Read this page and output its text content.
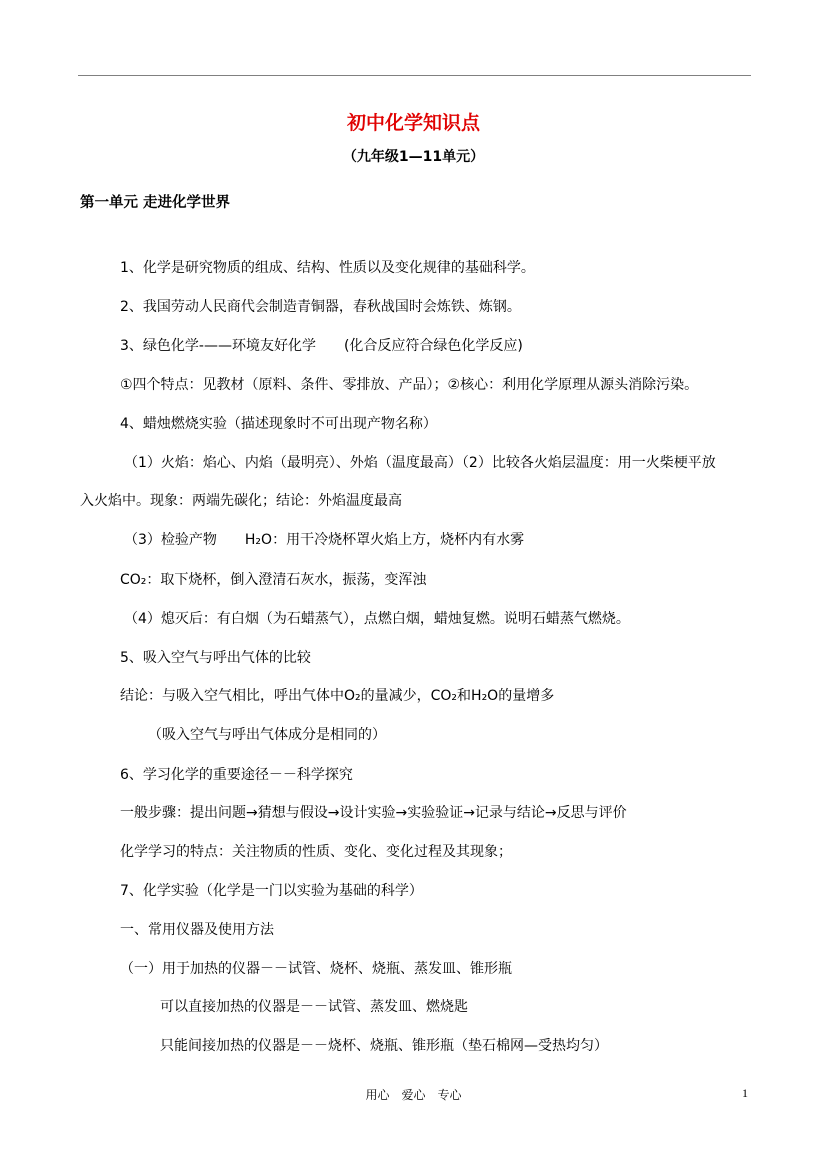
初中化学知识点
（九年级1—11单元）
第一单元 走进化学世界
1、化学是研究物质的组成、结构、性质以及变化规律的基础科学。
2、我国劳动人民商代会制造青铜器，春秋战国时会炼铁、炼钢。
3、绿色化学-——环境友好化学　　(化合反应符合绿色化学反应)
①四个特点：见教材（原料、条件、零排放、产品）；②核心：利用化学原理从源头消除污染。
4、蜡烛燃烧实验（描述现象时不可出现产物名称）
（1）火焰：焰心、内焰（最明亮）、外焰（温度最高）（2）比较各火焰层温度：用一火柴梗平放
入火焰中。现象：两端先碳化；结论：外焰温度最高
（3）检验产物　　H₂O：用干冷烧杯罩火焰上方，烧杯内有水雾
CO₂：取下烧杯，倒入澄清石灰水，振荡，变浑浊
（4）熄灭后：有白烟（为石蜡蒸气），点燃白烟，蜡烛复燃。说明石蜡蒸气燃烧。
5、吸入空气与呼出气体的比较
结论：与吸入空气相比，呼出气体中O₂的量减少，CO₂和H₂O的量增多
（吸入空气与呼出气体成分是相同的）
6、学习化学的重要途径－－科学探究
一般步骤：提出问题→猜想与假设→设计实验→实验验证→记录与结论→反思与评价
化学学习的特点：关注物质的性质、变化、变化过程及其现象；
7、化学实验（化学是一门以实验为基础的科学）
一、常用仪器及使用方法
（一）用于加热的仪器－－试管、烧杯、烧瓶、蒸发皿、锥形瓶
可以直接加热的仪器是－－试管、蒸发皿、燃烧匙
只能间接加热的仪器是－－烧杯、烧瓶、锥形瓶（垫石棉网—受热均匀）
用心　爱心　专心	1
